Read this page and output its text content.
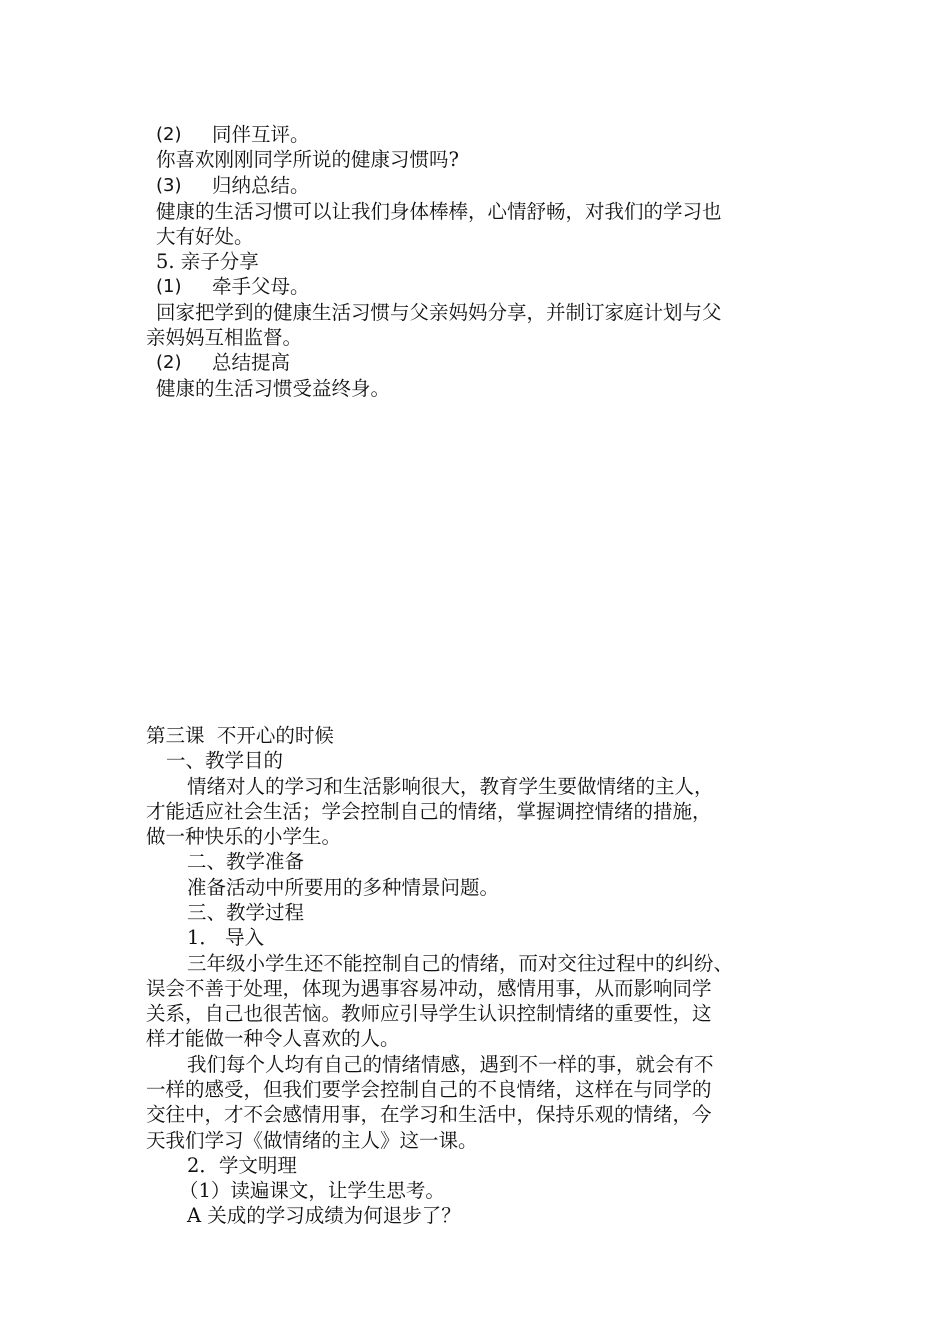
(2) 同伴互评。
你喜欢刚刚同学所说的健康习惯吗?
(3) 归纳总结。
健康的生活习惯可以让我们身体棒棒，心情舒畅，对我们的学习也
大有好处。
5. 亲子分享
(1) 牵手父母。
回家把学到的健康生活习惯与父亲妈妈分享，并制订家庭计划与父
亲妈妈互相监督。
(2) 总结提高
健康的生活习惯受益终身。
第三课  不开心的时候
一、教学目的
情绪对人的学习和生活影响很大，教育学生要做情绪的主人，
才能适应社会生活；学会控制自己的情绪，掌握调控情绪的措施，
做一种快乐的小学生。
二、教学准备
准备活动中所要用的多种情景问题。
三、教学过程
1． 导入
三年级小学生还不能控制自己的情绪，而对交往过程中的纠纷、
误会不善于处理，体现为遇事容易冲动，感情用事，从而影响同学
关系，自己也很苦恼。教师应引导学生认识控制情绪的重要性，这
样才能做一种令人喜欢的人。
我们每个人均有自己的情绪情感，遇到不一样的事，就会有不
一样的感受，但我们要学会控制自己的不良情绪，这样在与同学的
交往中，才不会感情用事，在学习和生活中，保持乐观的情绪，今
天我们学习《做情绪的主人》这一课。
2．学文明理
（1）读遍课文，让学生思考。
A 关成的学习成绩为何退步了？
